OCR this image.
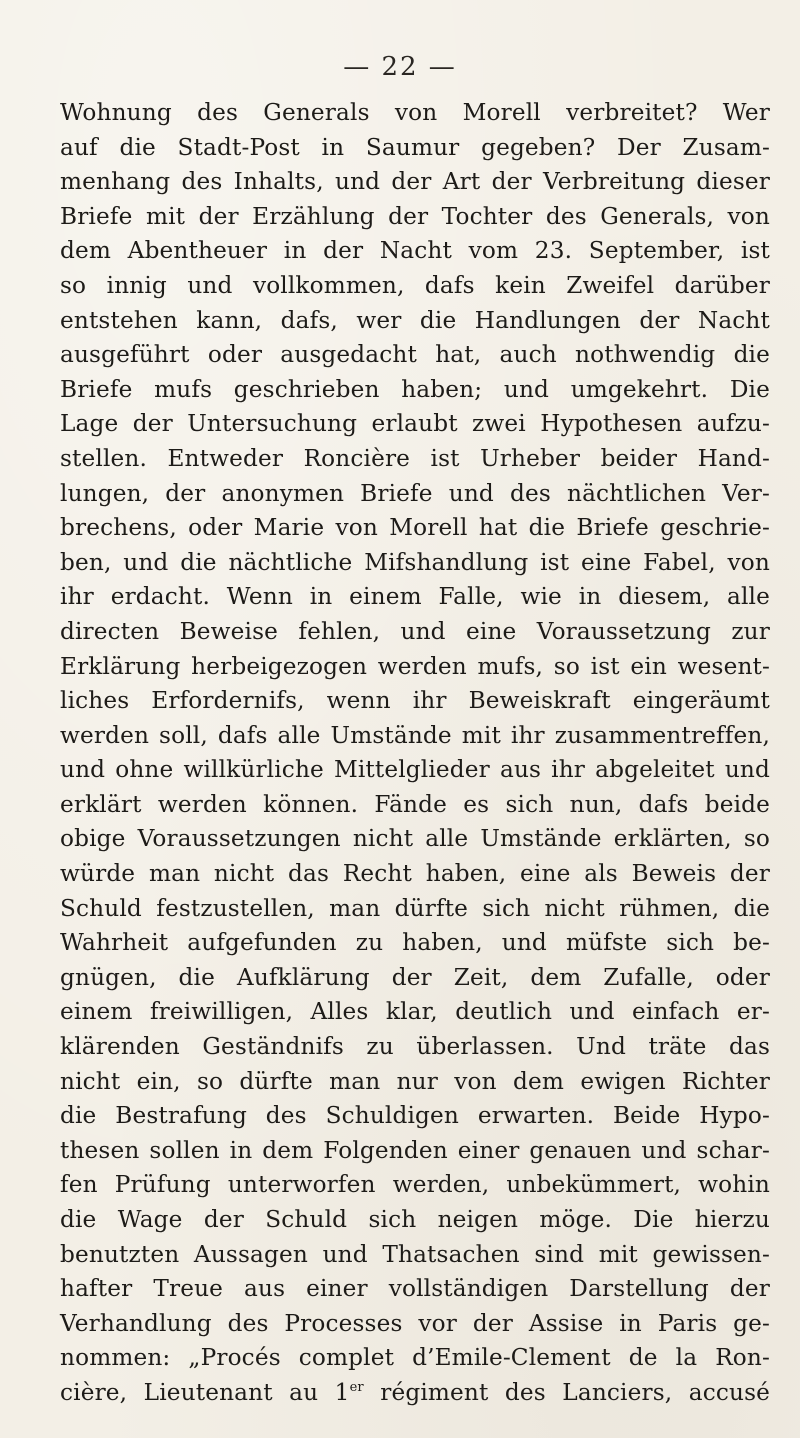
— 22 —
Wohnung des Generals von Morell verbreitet? Wer
auf die Stadt-Post in Saumur gegeben? Der Zusam-
menhang des Inhalts, und der Art der Verbreitung dieser
Briefe mit der Erzählung der Tochter des Generals, von
dem Abentheuer in der Nacht vom 23. September, ist
so innig und vollkommen, dafs kein Zweifel darüber
entstehen kann, dafs, wer die Handlungen der Nacht
ausgeführt oder ausgedacht hat, auch nothwendig die
Briefe mufs geschrieben haben; und umgekehrt. Die
Lage der Untersuchung erlaubt zwei Hypothesen aufzu-
stellen. Entweder Roncière ist Urheber beider Hand-
lungen, der anonymen Briefe und des nächtlichen Ver-
brechens, oder Marie von Morell hat die Briefe geschrie-
ben, und die nächtliche Mifshandlung ist eine Fabel, von
ihr erdacht. Wenn in einem Falle, wie in diesem, alle
directen Beweise fehlen, und eine Voraussetzung zur
Erklärung herbeigezogen werden mufs, so ist ein wesent-
liches Erfordernifs, wenn ihr Beweiskraft eingeräumt
werden soll, dafs alle Umstände mit ihr zusammentreffen,
und ohne willkürliche Mittelglieder aus ihr abgeleitet und
erklärt werden können. Fände es sich nun, dafs beide
obige Voraussetzungen nicht alle Umstände erklärten, so
würde man nicht das Recht haben, eine als Beweis der
Schuld festzustellen, man dürfte sich nicht rühmen, die
Wahrheit aufgefunden zu haben, und müfste sich be-
gnügen, die Aufklärung der Zeit, dem Zufalle, oder
einem freiwilligen, Alles klar, deutlich und einfach er-
klärenden Geständnifs zu überlassen. Und träte das
nicht ein, so dürfte man nur von dem ewigen Richter
die Bestrafung des Schuldigen erwarten. Beide Hypo-
thesen sollen in dem Folgenden einer genauen und schar-
fen Prüfung unterworfen werden, unbekümmert, wohin
die Wage der Schuld sich neigen möge. Die hierzu
benutzten Aussagen und Thatsachen sind mit gewissen-
hafter Treue aus einer vollständigen Darstellung der
Verhandlung des Processes vor der Assise in Paris ge-
nommen: „Procés complet d’Emile-Clement de la Ron-
cière, Lieutenant au 1er régiment des Lanciers, accusé
